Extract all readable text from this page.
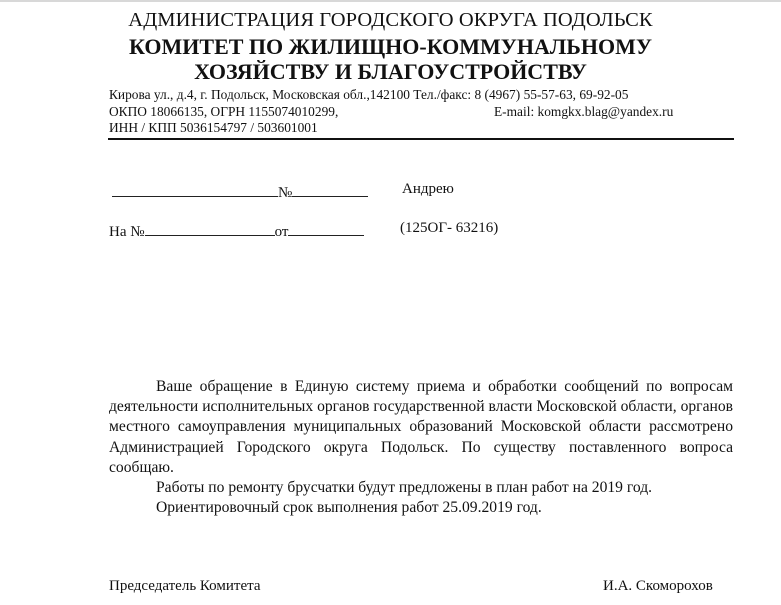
АДМИНИСТРАЦИЯ ГОРОДСКОГО ОКРУГА ПОДОЛЬСК
КОМИТЕТ ПО ЖИЛИЩНО-КОММУНАЛЬНОМУ
ХОЗЯЙСТВУ И БЛАГОУСТРОЙСТВУ
Кирова ул., д.4, г. Подольск, Московская обл.,142100 Тел./факс: 8 (4967) 55-57-63, 69-92-05
ОКПО 18066135, ОГРН 1155074010299,	E-mail: komgkx.blag@yandex.ru
ИНН / КПП 5036154797 / 503601001
№	Андрею
На №	от	(125ОГ- 63216)

Ваше обращение в Единую систему приема и обработки сообщений по вопросам деятельности исполнительных органов государственной власти Московской области, органов местного самоуправления муниципальных образований Московской области рассмотрено Администрацией Городского округа Подольск. По существу поставленного вопроса сообщаю.

Работы по ремонту брусчатки будут предложены в план работ на 2019 год.

Ориентировочный срок выполнения работ 25.09.2019 год.

Председатель Комитета	И.А. Скоморохов
